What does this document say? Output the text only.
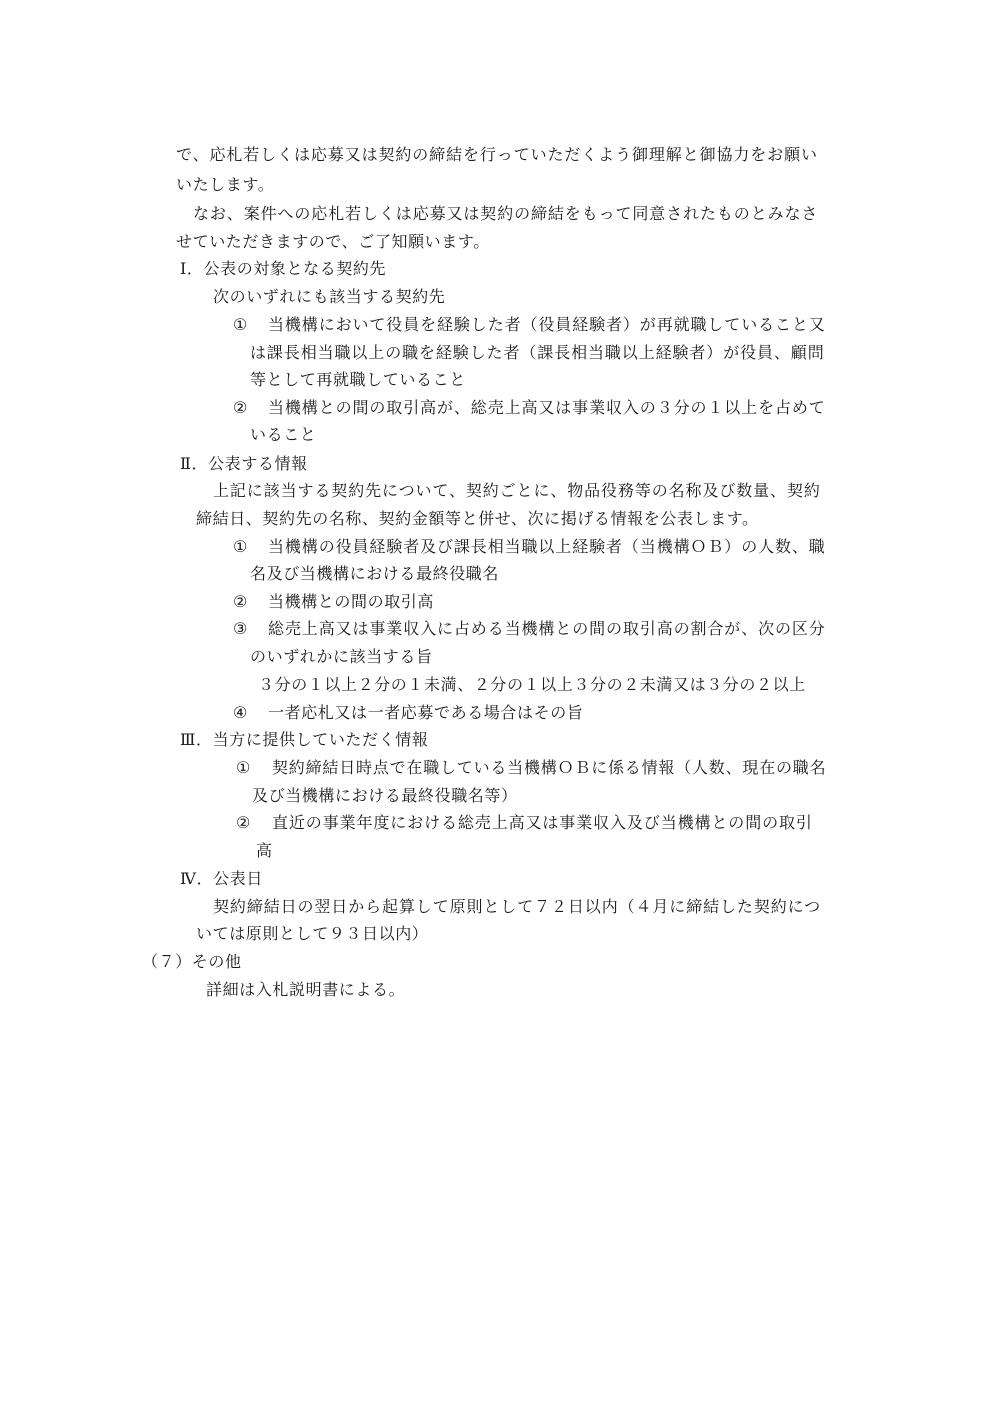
で、応札若しくは応募又は契約の締結を行っていただくよう御理解と御協力をお願い
いたします。
なお、案件への応札若しくは応募又は契約の締結をもって同意されたものとみなさ
せていただきますので、ご了知願います。
Ⅰ．公表の対象となる契約先
次のいずれにも該当する契約先
① 当機構において役員を経験した者（役員経験者）が再就職していること又
は課長相当職以上の職を経験した者（課長相当職以上経験者）が役員、顧問
等として再就職していること
② 当機構との間の取引高が、総売上高又は事業収入の３分の１以上を占めて
いること
Ⅱ．公表する情報
上記に該当する契約先について、契約ごとに、物品役務等の名称及び数量、契約
締結日、契約先の名称、契約金額等と併せ、次に掲げる情報を公表します。
① 当機構の役員経験者及び課長相当職以上経験者（当機構ＯＢ）の人数、職
名及び当機構における最終役職名
② 当機構との間の取引高
③ 総売上高又は事業収入に占める当機構との間の取引高の割合が、次の区分
のいずれかに該当する旨
３分の１以上２分の１未満、２分の１以上３分の２未満又は３分の２以上
④ 一者応札又は一者応募である場合はその旨
Ⅲ．当方に提供していただく情報
① 契約締結日時点で在職している当機構ＯＢに係る情報（人数、現在の職名
及び当機構における最終役職名等）
② 直近の事業年度における総売上高又は事業収入及び当機構との間の取引
高
Ⅳ．公表日
契約締結日の翌日から起算して原則として７２日以内（４月に締結した契約につ
いては原則として９３日以内）
（７）その他
詳細は入札説明書による。
